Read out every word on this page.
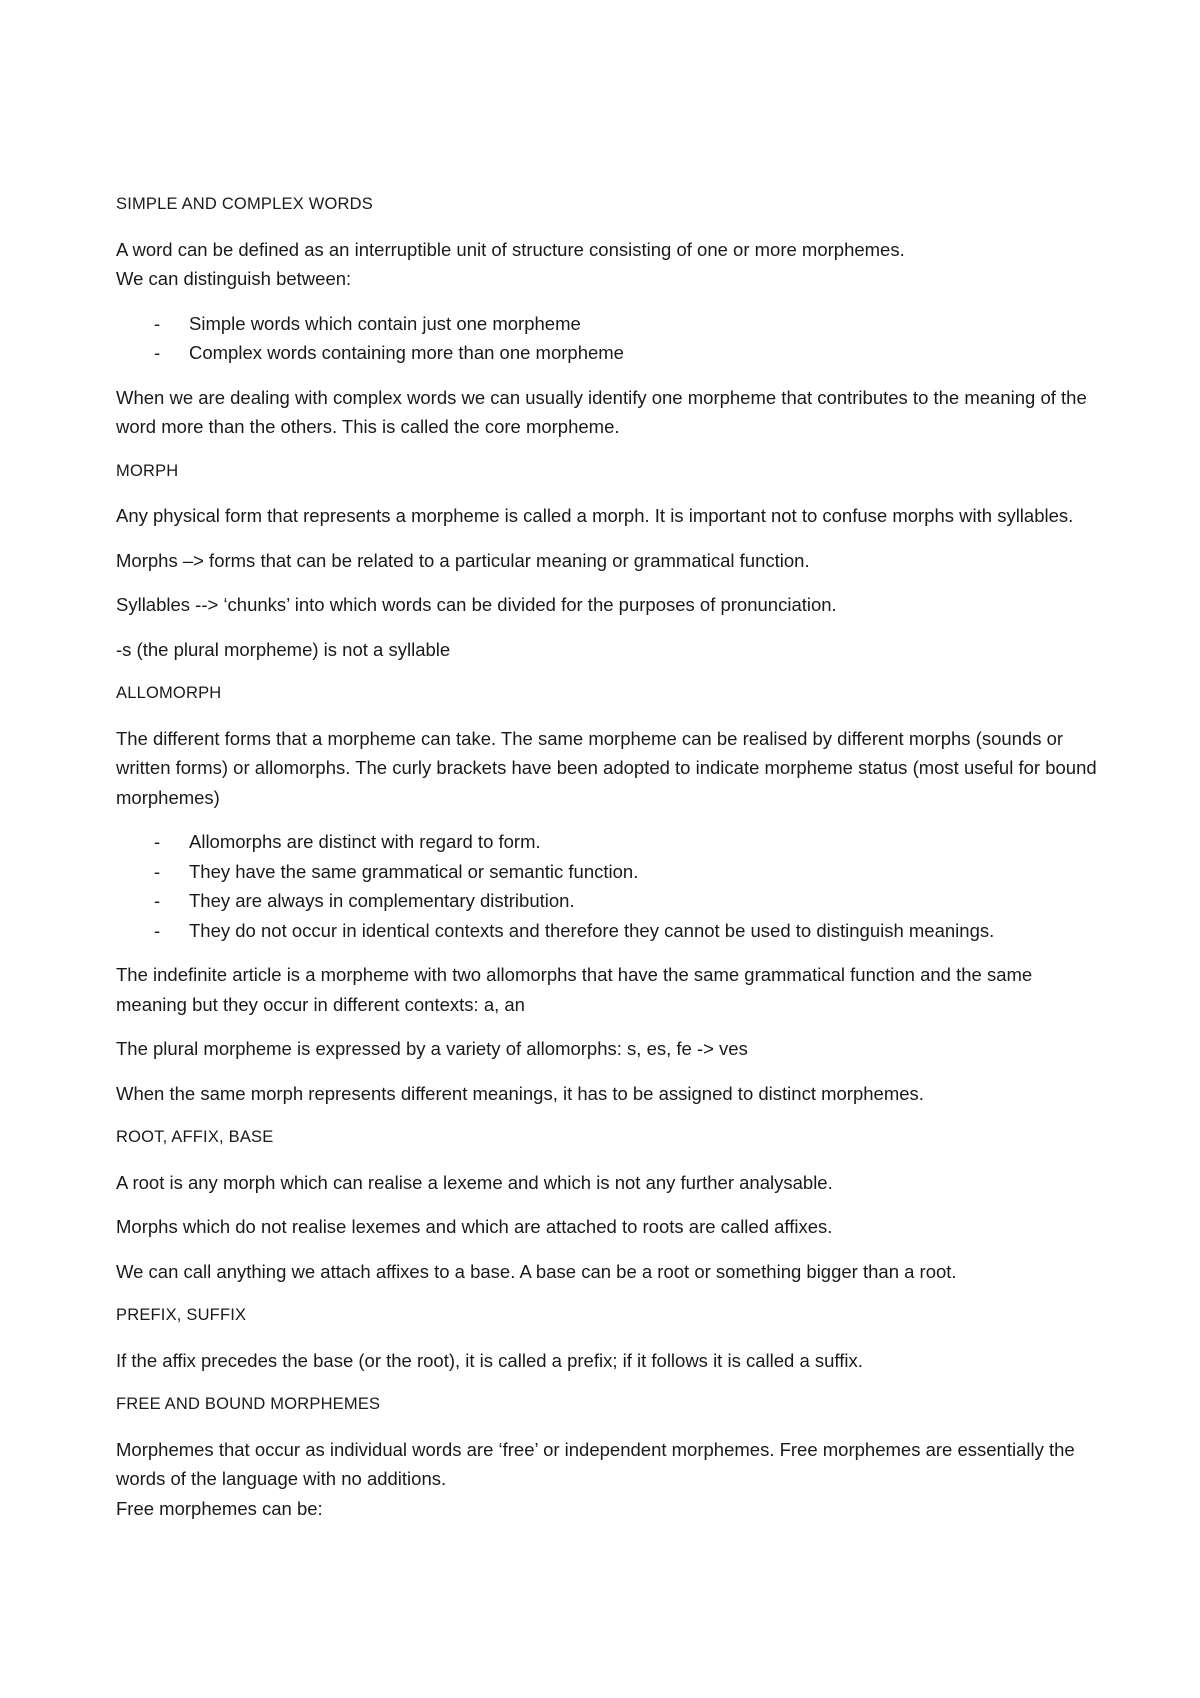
SIMPLE AND COMPLEX WORDS

A word can be defined as an interruptible unit of structure consisting of one or more morphemes.

We can distinguish between:

- Simple words which contain just one morpheme
- Complex words containing more than one morpheme

When we are dealing with complex words we can usually identify one morpheme that contributes to the meaning of the word more than the others. This is called the core morpheme.

MORPH

Any physical form that represents a morpheme is called a morph. It is important not to confuse morphs with syllables.

Morphs –> forms that can be related to a particular meaning or grammatical function.

Syllables --> ‘chunks’ into which words can be divided for the purposes of pronunciation.

-s (the plural morpheme) is not a syllable

ALLOMORPH

The different forms that a morpheme can take. The same morpheme can be realised by different morphs (sounds or written forms) or allomorphs. The curly brackets have been adopted to indicate morpheme status (most useful for bound morphemes)

- Allomorphs are distinct with regard to form.
- They have the same grammatical or semantic function.
- They are always in complementary distribution.
- They do not occur in identical contexts and therefore they cannot be used to distinguish meanings.

The indefinite article is a morpheme with two allomorphs that have the same grammatical function and the same meaning but they occur in different contexts: a, an

The plural morpheme is expressed by a variety of allomorphs: s, es, fe -> ves

When the same morph represents different meanings, it has to be assigned to distinct morphemes.

ROOT, AFFIX, BASE

A root is any morph which can realise a lexeme and which is not any further analysable.

Morphs which do not realise lexemes and which are attached to roots are called affixes.

We can call anything we attach affixes to a base. A base can be a root or something bigger than a root.

PREFIX, SUFFIX

If the affix precedes the base (or the root), it is called a prefix; if it follows it is called a suffix.

FREE AND BOUND MORPHEMES

Morphemes that occur as individual words are ‘free’ or independent morphemes. Free morphemes are essentially the words of the language with no additions.

Free morphemes can be:
